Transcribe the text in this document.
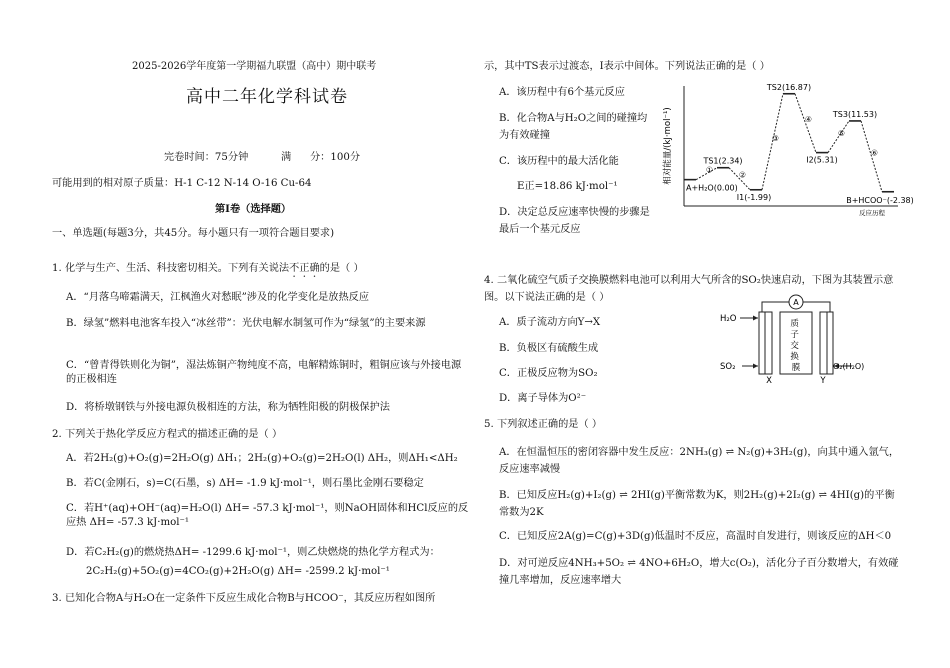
2025-2026学年度第一学期福九联盟（高中）期中联考
高中二年化学科试卷
完卷时间：75分钟	满 分：100分
可能用到的相对原子质量：H-1 C-12 N-14 O-16 Cu-64
第Ⅰ卷（选择题）
一、单选题(每题3分，共45分。每小题只有一项符合题目要求)
1. 化学与生产、生活、科技密切相关。下列有关说法不正确的是（ ）
A．“月落乌啼霜满天，江枫渔火对愁眠”涉及的化学变化是放热反应
B．绿氢”燃料电池客车投入“冰丝带”：光伏电解水制氢可作为“绿氢”的主要来源
C．“曾青得铁则化为铜”，湿法炼铜产物纯度不高，电解精炼铜时，粗铜应该与外接电源的正极相连
D．将桥墩钢铁与外接电源负极相连的方法，称为牺牲阳极的阴极保护法
2. 下列关于热化学反应方程式的描述正确的是（ ）
A．若2H₂(g)+O₂(g)=2H₂O(g) ΔH₁；2H₂(g)+O₂(g)=2H₂O(l) ΔH₂，则ΔH₁<ΔH₂
B．若C(金刚石，s)=C(石墨，s) ΔH= -1.9 kJ·mol⁻¹，则石墨比金刚石要稳定
C．若H⁺(aq)+OH⁻(aq)=H₂O(l) ΔH= -57.3 kJ·mol⁻¹，则NaOH固体和HCl反应的反应热 ΔH= -57.3 kJ·mol⁻¹
D．若C₂H₂(g)的燃烧热ΔH= -1299.6 kJ·mol⁻¹，则乙炔燃烧的热化学方程式为：
2C₂H₂(g)+5O₂(g)=4CO₂(g)+2H₂O(g) ΔH= -2599.2 kJ·mol⁻¹
3. 已知化合物A与H₂O在一定条件下反应生成化合物B与HCOO⁻，其反应历程如图所
示，其中TS表示过渡态，Ⅰ表示中间体。下列说法正确的是（ ）
A．该历程中有6个基元反应
B．化合物A与H₂O之间的碰撞均为有效碰撞
C．该历程中的最大活化能
E正=18.86 kJ·mol⁻¹
D．决定总反应速率快慢的步骤是最后一个基元反应
相对能量/(kJ·mol⁻¹)
反应历程
A+H₂O(0.00)
①
TS1(2.34)
②
Ⅰ1(-1.99)
③
TS2(16.87)
④
Ⅰ2(5.31)
⑤
TS3(11.53)
⑥
B+HCOO⁻(-2.38)
4. 二氧化硫空气质子交换膜燃料电池可以利用大气所含的SO₂快速启动，下图为其装置示意图。以下说法正确的是（ ）
A．质子流动方向Y→X
B．负极区有硫酸生成
C．正极反应物为SO₂
D．离子导体为O²⁻
A
质 子 交 换 膜
H₂O
SO₂	O₂(H₂O)
X	Y
5. 下列叙述正确的是（ ）
A．在恒温恒压的密闭容器中发生反应：2NH₃(g) ⇌ N₂(g)+3H₂(g)，向其中通入氩气，反应速率减慢
B．已知反应H₂(g)+I₂(g) ⇌ 2HI(g)平衡常数为K，则2H₂(g)+2I₂(g) ⇌ 4HI(g)的平衡常数为2K
C．已知反应2A(g)=C(g)+3D(g)低温时不反应，高温时自发进行，则该反应的ΔH＜0
D．对可逆反应4NH₃+5O₂ ⇌ 4NO+6H₂O，增大c(O₂)，活化分子百分数增大，有效碰撞几率增加，反应速率增大
